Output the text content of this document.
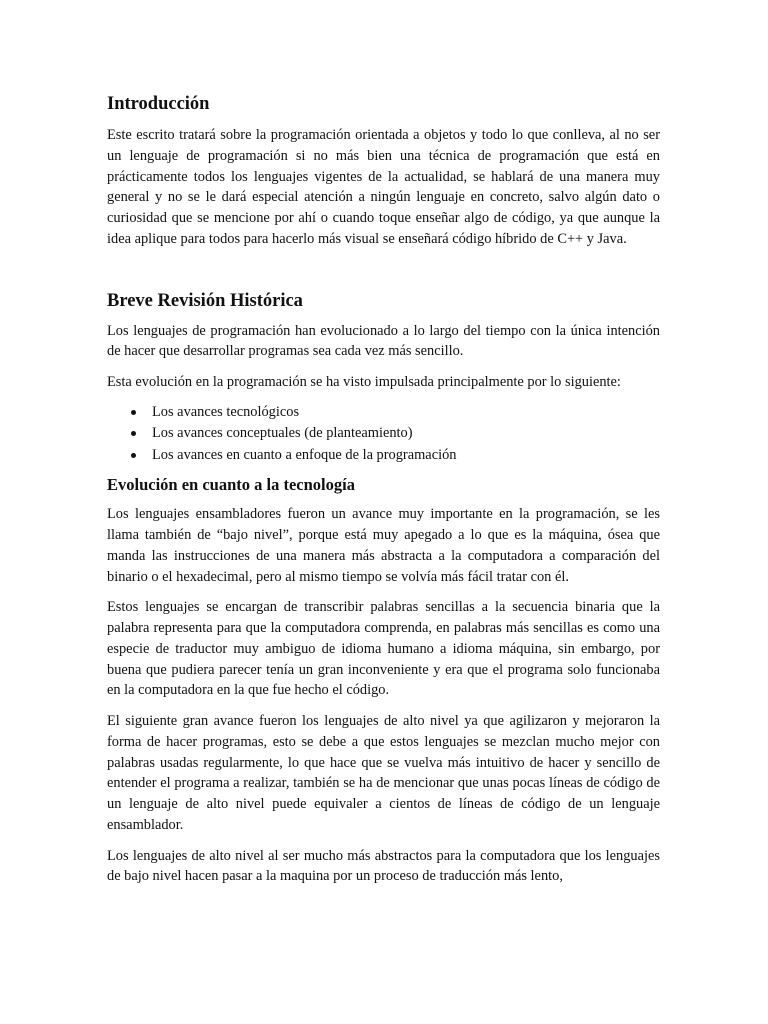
Introducción

Este escrito tratará sobre la programación orientada a objetos y todo lo que conlleva, al no ser un lenguaje de programación si no más bien una técnica de programación que está en prácticamente todos los lenguajes vigentes de la actualidad, se hablará de una manera muy general y no se le dará especial atención a ningún lenguaje en concreto, salvo algún dato o curiosidad que se mencione por ahí o cuando toque enseñar algo de código, ya que aunque la idea aplique para todos para hacerlo más visual se enseñará código híbrido de C++ y Java.

Breve Revisión Histórica

Los lenguajes de programación han evolucionado a lo largo del tiempo con la única intención de hacer que desarrollar programas sea cada vez más sencillo.

Esta evolución en la programación se ha visto impulsada principalmente por lo siguiente:

Los avances tecnológicos
Los avances conceptuales (de planteamiento)
Los avances en cuanto a enfoque de la programación
Evolución en cuanto a la tecnología

Los lenguajes ensambladores fueron un avance muy importante en la programación, se les llama también de “bajo nivel”, porque está muy apegado a lo que es la máquina, ósea que manda las instrucciones de una manera más abstracta a la computadora a comparación del binario o el hexadecimal, pero al mismo tiempo se volvía más fácil tratar con él.

Estos lenguajes se encargan de transcribir palabras sencillas a la secuencia binaria que la palabra representa para que la computadora comprenda, en palabras más sencillas es como una especie de traductor muy ambiguo de idioma humano a idioma máquina, sin embargo, por buena que pudiera parecer tenía un gran inconveniente y era que el programa solo funcionaba en la computadora en la que fue hecho el código.

El siguiente gran avance fueron los lenguajes de alto nivel ya que agilizaron y mejoraron la forma de hacer programas, esto se debe a que estos lenguajes se mezclan mucho mejor con palabras usadas regularmente, lo que hace que se vuelva más intuitivo de hacer y sencillo de entender el programa a realizar, también se ha de mencionar que unas pocas líneas de código de un lenguaje de alto nivel puede equivaler a cientos de líneas de código de un lenguaje ensamblador.

Los lenguajes de alto nivel al ser mucho más abstractos para la computadora que los lenguajes de bajo nivel hacen pasar a la maquina por un proceso de traducción más lento,
